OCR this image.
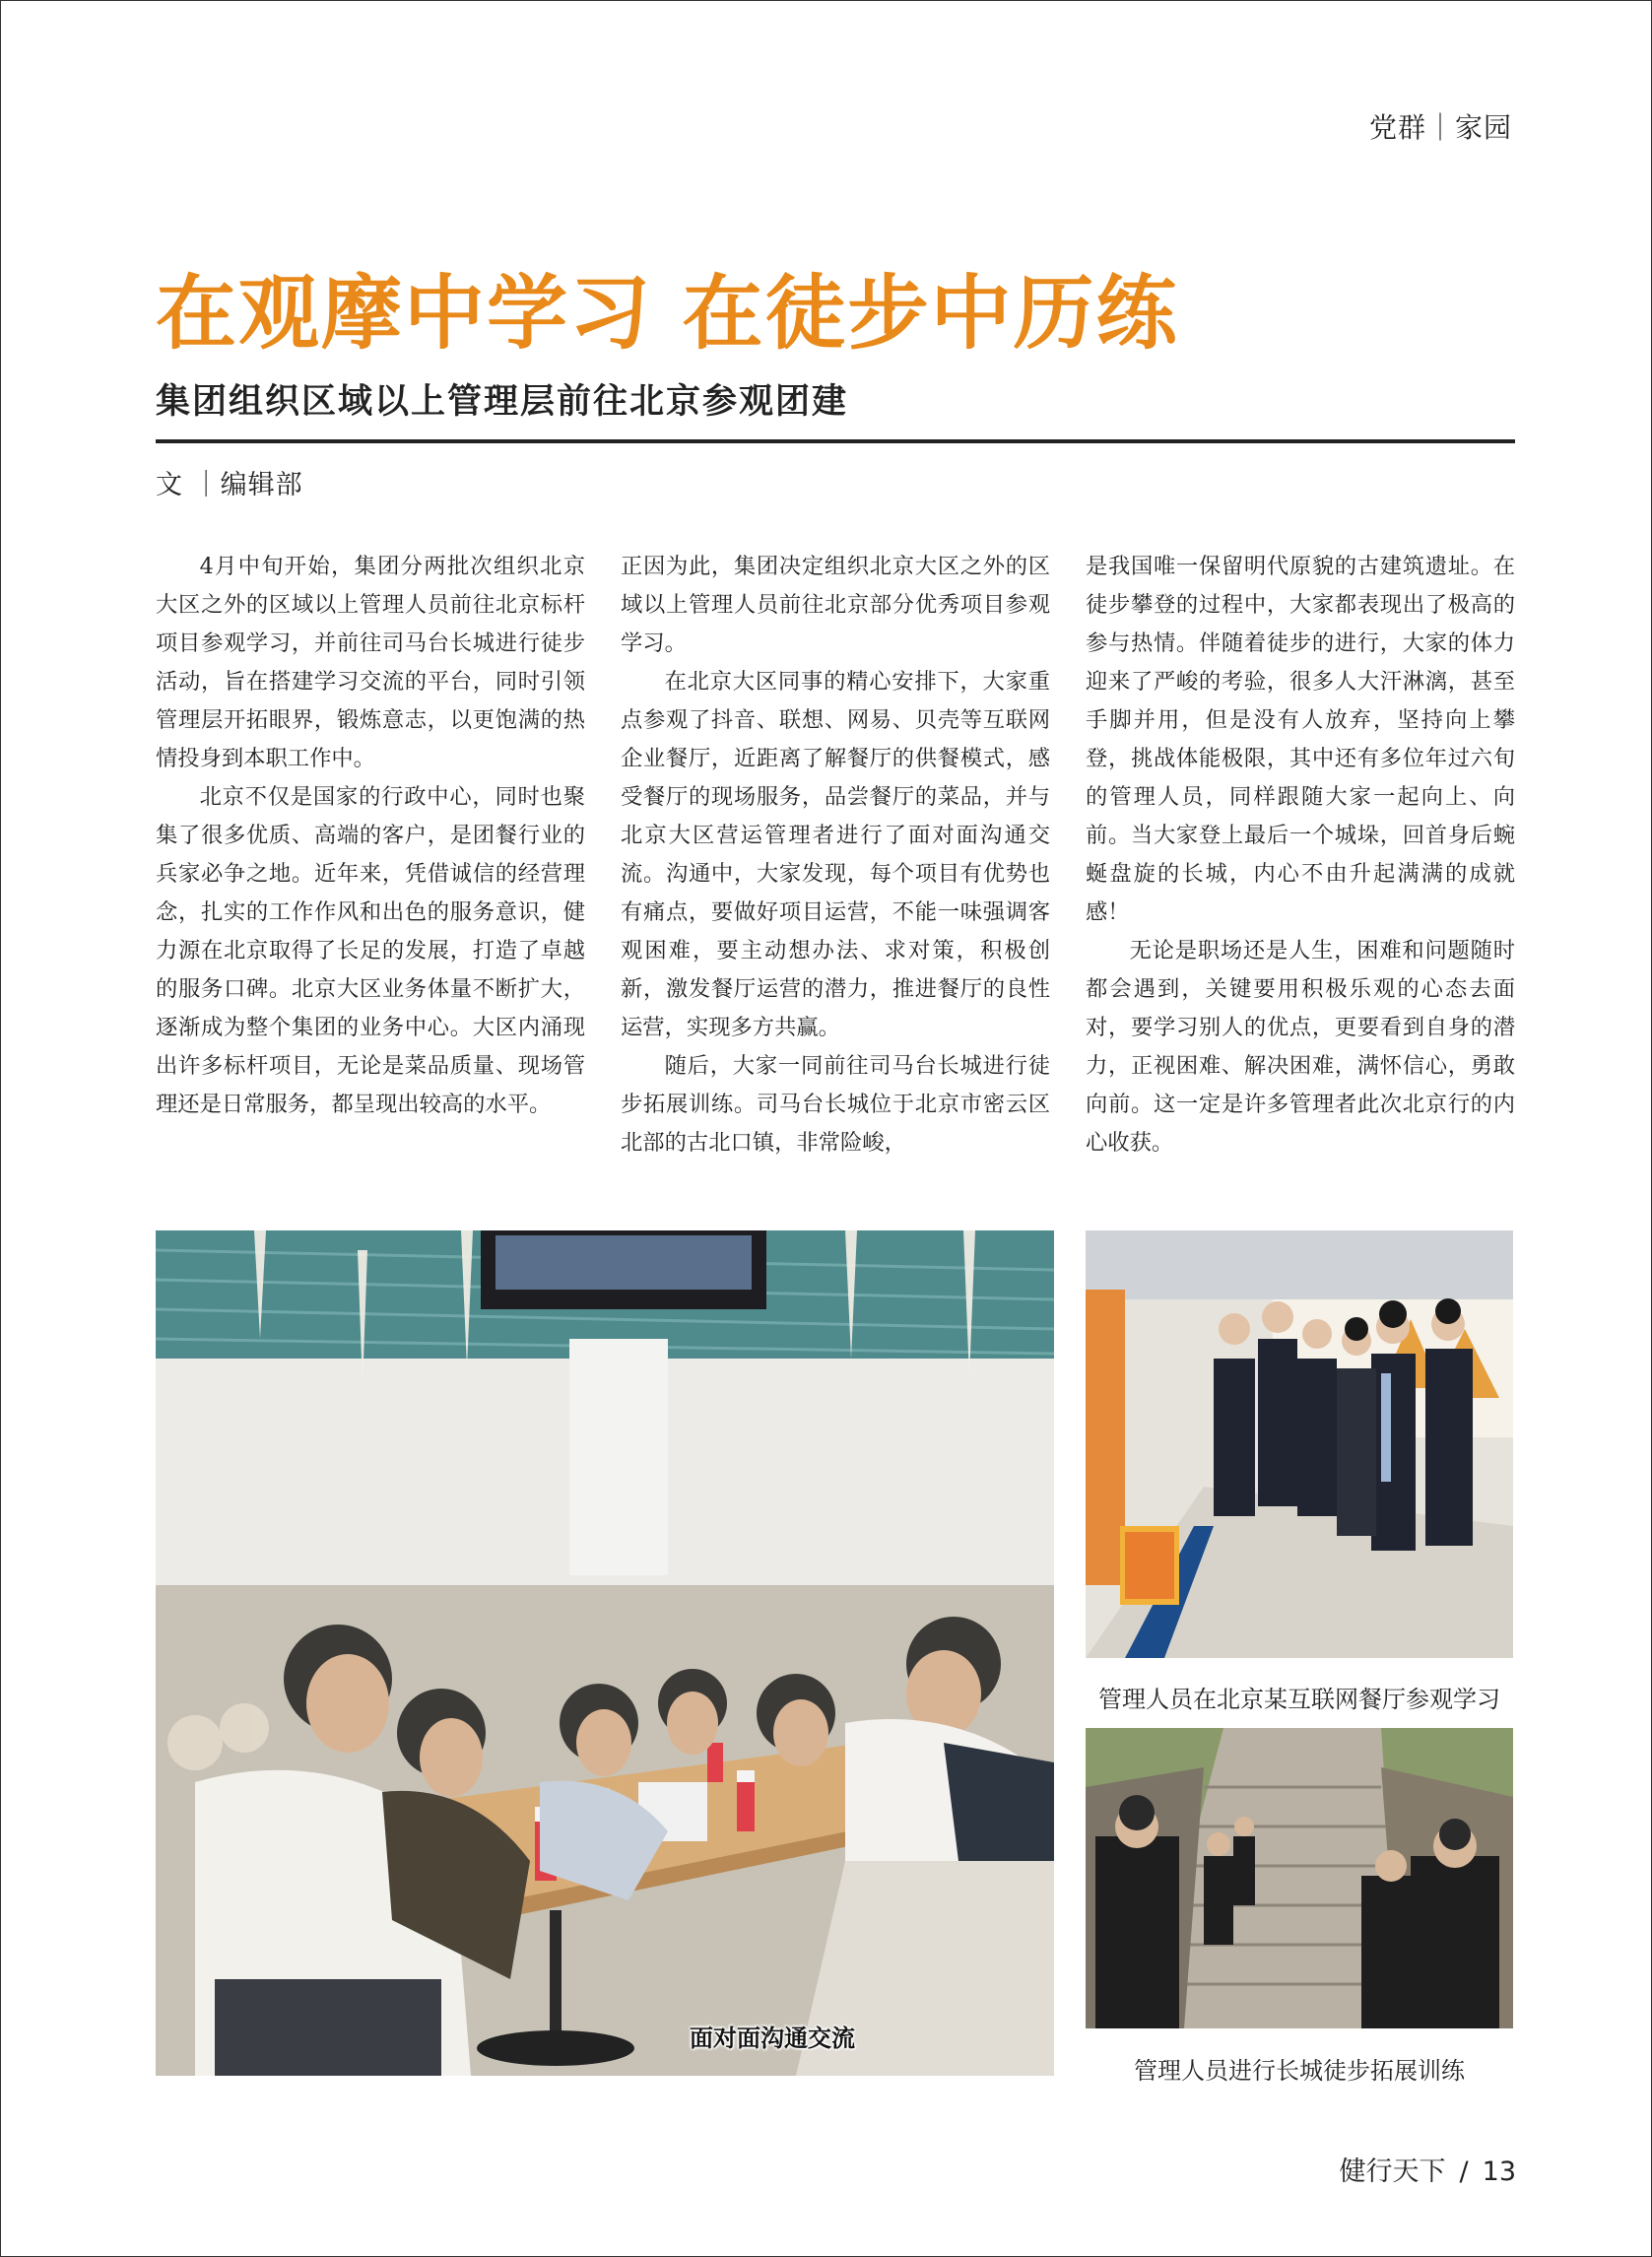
党群｜家园
在观摩中学习 在徒步中历练
集团组织区域以上管理层前往北京参观团建
文 ｜编辑部

4月中旬开始，集团分两批次组织北京大区之外的区域以上管理人员前往北京标杆项目参观学习，并前往司马台长城进行徒步活动，旨在搭建学习交流的平台，同时引领管理层开拓眼界，锻炼意志，以更饱满的热情投身到本职工作中。

北京不仅是国家的行政中心，同时也聚集了很多优质、高端的客户，是团餐行业的兵家必争之地。近年来，凭借诚信的经营理念，扎实的工作作风和出色的服务意识，健力源在北京取得了长足的发展，打造了卓越的服务口碑。北京大区业务体量不断扩大，逐渐成为整个集团的业务中心。大区内涌现出许多标杆项目，无论是菜品质量、现场管理还是日常服务，都呈现出较高的水平。

正因为此，集团决定组织北京大区之外的区域以上管理人员前往北京部分优秀项目参观学习。

在北京大区同事的精心安排下，大家重点参观了抖音、联想、网易、贝壳等互联网企业餐厅，近距离了解餐厅的供餐模式，感受餐厅的现场服务，品尝餐厅的菜品，并与北京大区营运管理者进行了面对面沟通交流。沟通中，大家发现，每个项目有优势也有痛点，要做好项目运营，不能一味强调客观困难，要主动想办法、求对策，积极创新，激发餐厅运营的潜力，推进餐厅的良性运营，实现多方共赢。

随后，大家一同前往司马台长城进行徒步拓展训练。司马台长城位于北京市密云区北部的古北口镇，非常险峻，

是我国唯一保留明代原貌的古建筑遗址。在徒步攀登的过程中，大家都表现出了极高的参与热情。伴随着徒步的进行，大家的体力迎来了严峻的考验，很多人大汗淋漓，甚至手脚并用，但是没有人放弃，坚持向上攀登，挑战体能极限，其中还有多位年过六旬的管理人员，同样跟随大家一起向上、向前。当大家登上最后一个城垛，回首身后蜿蜒盘旋的长城，内心不由升起满满的成就感！

无论是职场还是人生，困难和问题随时都会遇到，关键要用积极乐观的心态去面对，要学习别人的优点，更要看到自身的潜力，正视困难、解决困难，满怀信心，勇敢向前。这一定是许多管理者此次北京行的内心收获。

面对面沟通交流
管理人员在北京某互联网餐厅参观学习
管理人员进行长城徒步拓展训练
健行天下 / 13
